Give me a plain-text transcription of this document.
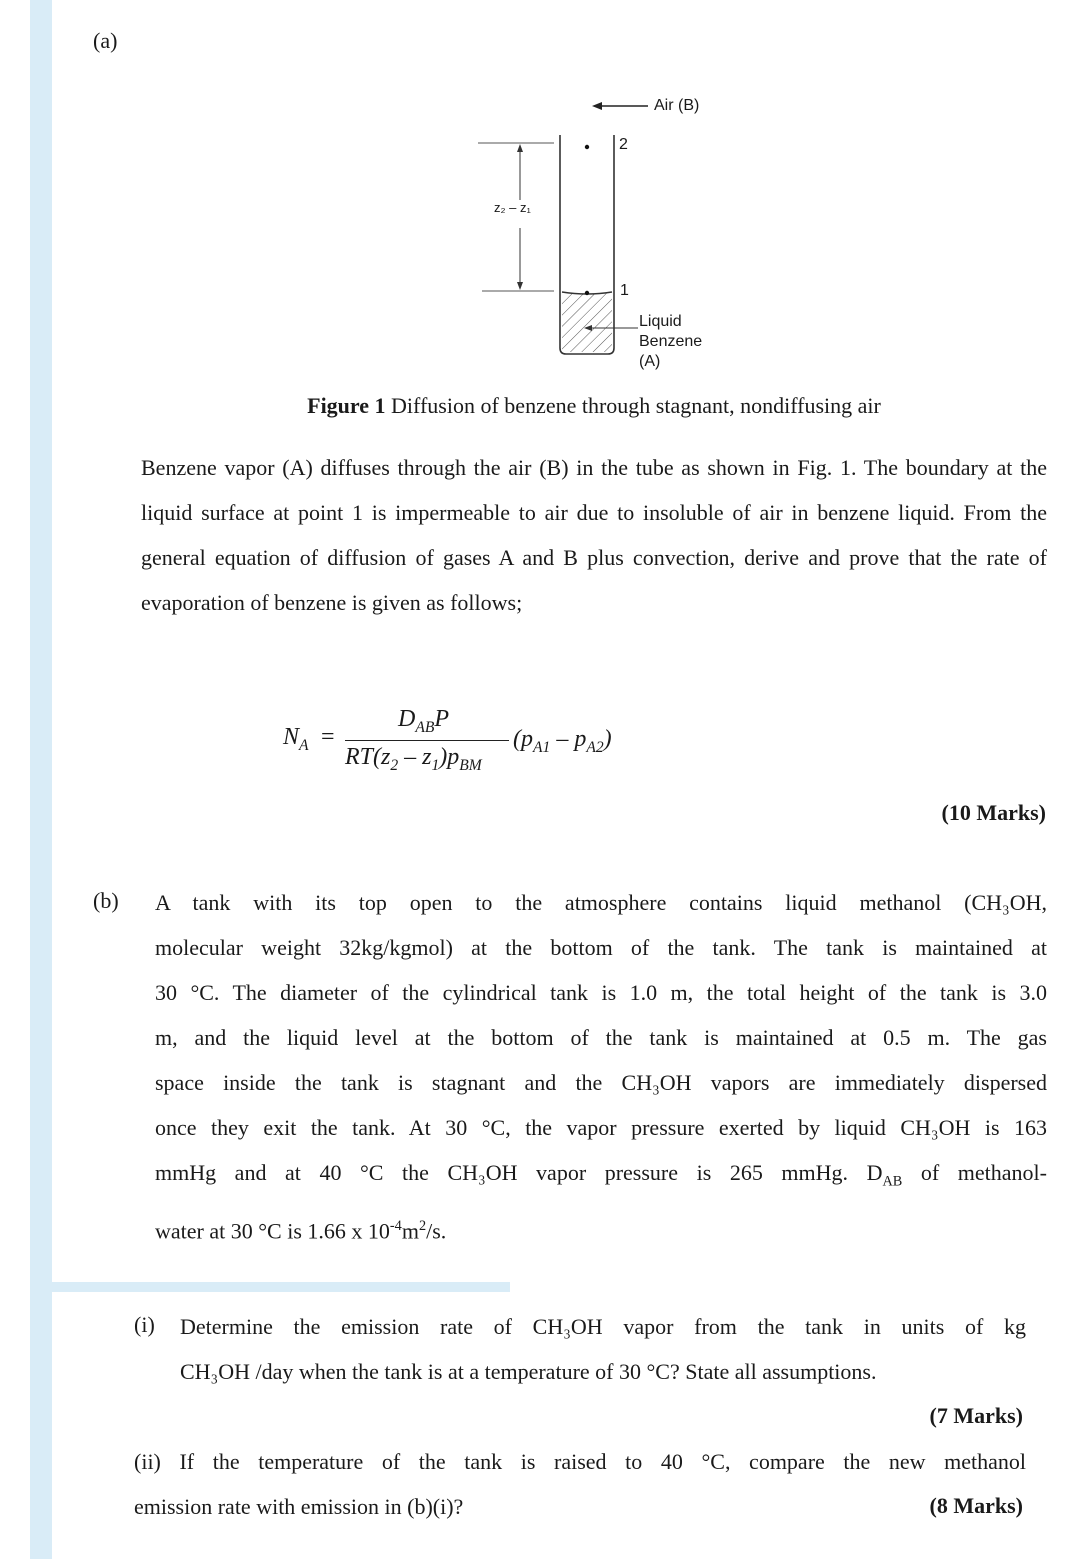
(a)
Air (B)
2
1
z₂ – z₁
Liquid
Benzene
(A)
Figure 1 Diffusion of benzene through stagnant, nondiffusing air

Benzene vapor (A) diffuses through the air (B) in the tube as shown in Fig. 1. The boundary at the liquid surface at point 1 is impermeable to air due to insoluble of air in benzene liquid. From the general equation of diffusion of gases A and B plus convection, derive and prove that the rate of evaporation of benzene is given as follows;

$N_A$ =
$D_{AB}P$
$RT(z_2 - z_1)p_{BM}$
$(p_{A1} - p_{A2})$
(10 Marks)
(b) A tank with its top open to the atmosphere contains liquid methanol (CH₃OH,
molecular weight 32kg/kgmol) at the bottom of the tank. The tank is maintained at
30 °C. The diameter of the cylindrical tank is 1.0 m, the total height of the tank is 3.0
m, and the liquid level at the bottom of the tank is maintained at 0.5 m. The gas
space inside the tank is stagnant and the CH₃OH vapors are immediately dispersed
once they exit the tank. At 30 °C, the vapor pressure exerted by liquid CH₃OH is 163
mmHg and at 40 °C the CH₃OH vapor pressure is 265 mmHg. $D_{AB}$ of methanol-
water at 30 °C is 1.66 x $10^{-4}m^2/s$.
(i) Determine the emission rate of CH₃OH vapor from the tank in units of kg
CH₃OH /day when the tank is at a temperature of 30 °C? State all assumptions.
(7 Marks)
(ii) If the temperature of the tank is raised to 40 °C, compare the new methanol
emission rate with emission in (b)(i)?	(8 Marks)
